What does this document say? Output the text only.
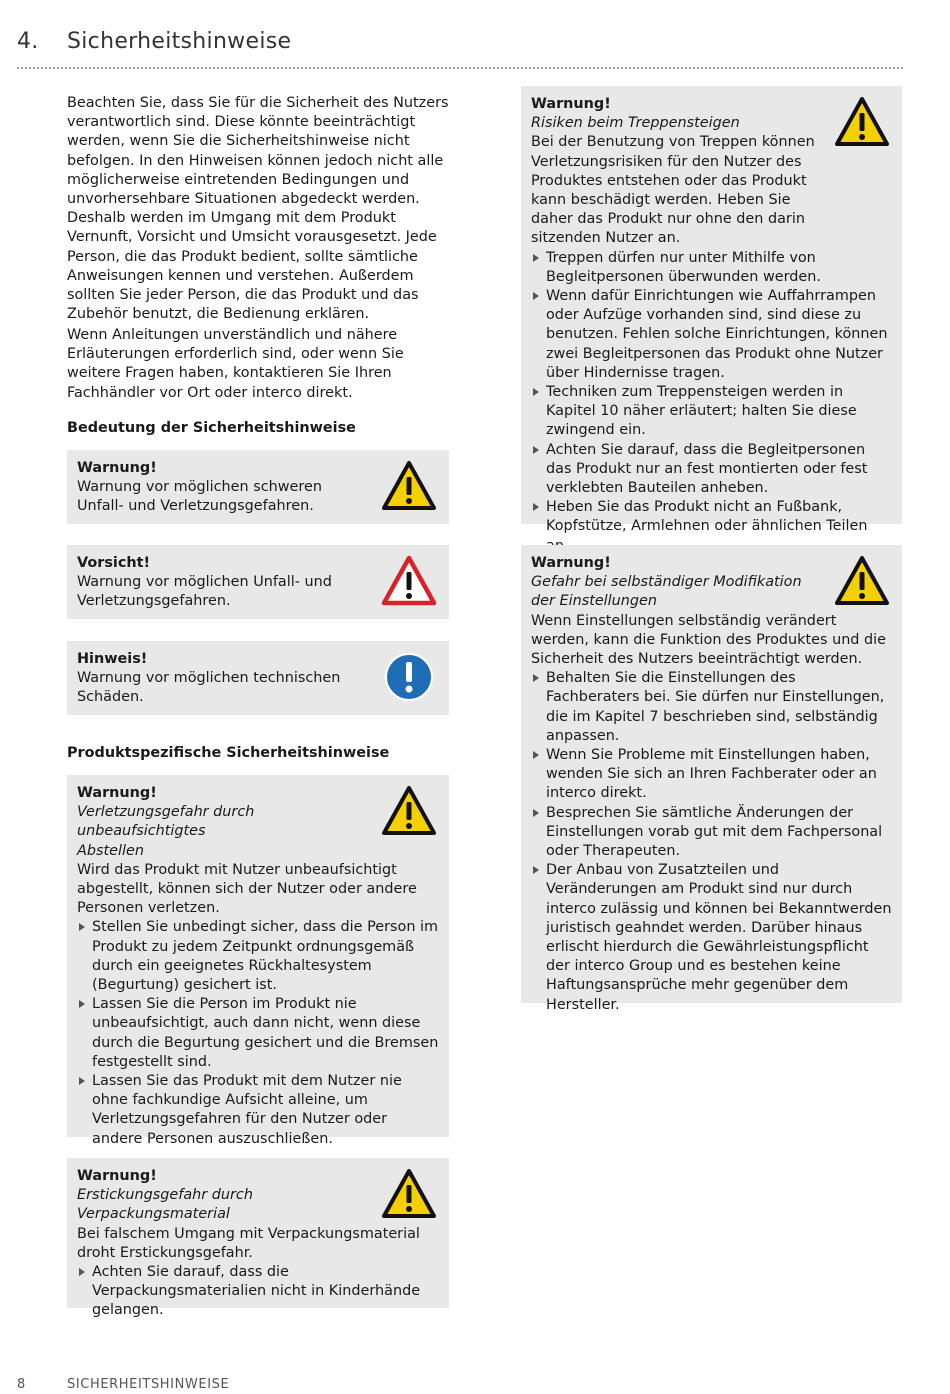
4. Sicherheitshinweise

Beachten Sie, dass Sie für die Sicherheit des Nutzers verantwortlich sind. Diese könnte beeinträchtigt werden, wenn Sie die Sicherheitshinweise nicht befolgen. In den Hinweisen können jedoch nicht alle möglicherweise eintretenden Bedingungen und unvorhersehbare Situationen abgedeckt werden. Deshalb werden im Umgang mit dem Produkt Vernunft, Vorsicht und Umsicht vorausgesetzt. Jede Person, die das Produkt bedient, sollte sämtliche Anweisungen kennen und verstehen. Außerdem sollten Sie jeder Person, die das Produkt und das Zubehör benutzt, die Bedienung erklären.

Wenn Anleitungen unverständlich und nähere Erläuterungen erforderlich sind, oder wenn Sie weitere Fragen haben, kontaktieren Sie Ihren Fachhändler vor Ort oder interco direkt.

Bedeutung der Sicherheitshinweise

Warnung!
Warnung vor möglichen schweren Unfall- und Verletzungsgefahren.
Vorsicht!
Warnung vor möglichen Unfall- und Verletzungsgefahren.
Hinweis!
Warnung vor möglichen technischen Schäden.

Produktspezifische Sicherheitshinweise

Warnung!
Verletzungsgefahr durch unbeaufsichtigtes Abstellen
Wird das Produkt mit Nutzer unbeaufsichtigt abgestellt, können sich der Nutzer oder andere Personen verletzen.
Stellen Sie unbedingt sicher, dass die Person im Produkt zu jedem Zeitpunkt ordnungsgemäß durch ein geeignetes Rückhaltesystem (Begurtung) gesichert ist.
Lassen Sie die Person im Produkt nie unbeaufsichtigt, auch dann nicht, wenn diese durch die Begurtung gesichert und die Bremsen festgestellt sind.
Lassen Sie das Produkt mit dem Nutzer nie ohne fachkundige Aufsicht alleine, um Verletzungsgefahren für den Nutzer oder andere Personen auszuschließen.
Warnung!
Erstickungsgefahr durch Verpackungsmaterial
Bei falschem Umgang mit Verpackungsmaterial droht Erstickungsgefahr.
Achten Sie darauf, dass die Verpackungsmaterialien nicht in Kinderhände gelangen.
Warnung!
Risiken beim Treppensteigen
Bei der Benutzung von Treppen können Verletzungsrisiken für den Nutzer des Produktes entstehen oder das Produkt kann beschädigt werden. Heben Sie daher das Produkt nur ohne den darin sitzenden Nutzer an.
Treppen dürfen nur unter Mithilfe von Begleitpersonen überwunden werden.
Wenn dafür Einrichtungen wie Auffahrrampen oder Aufzüge vorhanden sind, sind diese zu benutzen. Fehlen solche Einrichtungen, können zwei Begleitpersonen das Produkt ohne Nutzer über Hindernisse tragen.
Techniken zum Treppensteigen werden in Kapitel 10 näher erläutert; halten Sie diese zwingend ein.
Achten Sie darauf, dass die Begleitpersonen das Produkt nur an fest montierten oder fest verklebten Bauteilen anheben.
Heben Sie das Produkt nicht an Fußbank, Kopfstütze, Armlehnen oder ähnlichen Teilen
Warnung!
Gefahr bei selbständiger Modifikation der Einstellungen
Wenn Einstellungen selbständig verändert werden, kann die Funktion des Produktes und die Sicherheit des Nutzers beeinträchtigt werden.
Behalten Sie die Einstellungen des Fachberaters bei. Sie dürfen nur Einstellungen, die im Kapitel 7 beschrieben sind, selbständig anpassen.
Wenn Sie Probleme mit Einstellungen haben, wenden Sie sich an Ihren Fachberater oder an interco direkt.
Besprechen Sie sämtliche Änderungen der Einstellungen vorab gut mit dem Fachpersonal oder Therapeuten.
Der Anbau von Zusatzteilen und Veränderungen am Produkt sind nur durch interco zulässig und können bei Bekanntwerden juristisch geahndet werden. Darüber hinaus erlischt hierdurch die Gewährleistungspflicht der interco Group und es bestehen keine Haftungsansprüche mehr gegenüber dem Hersteller.
8	SICHERHEITSHINWEISE
